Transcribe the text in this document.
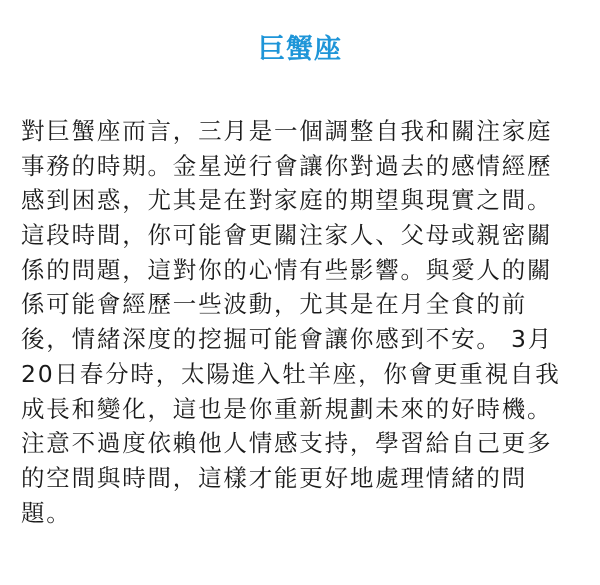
巨蟹座
對巨蟹座而言，三月是一個調整自我和關注家庭
事務的時期。金星逆行會讓你對過去的感情經歷
感到困惑，尤其是在對家庭的期望與現實之間。
這段時間，你可能會更關注家人、父母或親密關
係的問題，這對你的心情有些影響。與愛人的關
係可能會經歷一些波動，尤其是在月全食的前
後，情緒深度的挖掘可能會讓你感到不安。 3月
20日春分時，太陽進入牡羊座，你會更重視自我
成長和變化，這也是你重新規劃未來的好時機。
注意不過度依賴他人情感支持，學習給自己更多
的空間與時間，這樣才能更好地處理情緒的問
題。
